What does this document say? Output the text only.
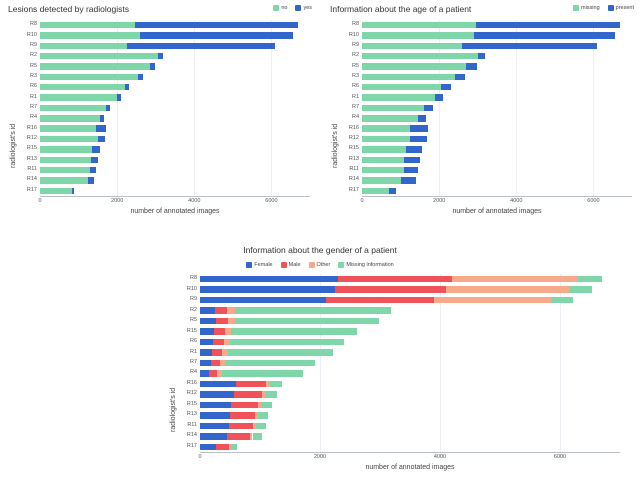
Lesions detected by radiologists	no	yes
radiologist's id
R8
R10
R9
R2
R5
R3
R6
R1
R7
R4
R16
R12
R15
R13
R11
R14
R17
0	2000	4000	6000
number of annotated images
Information about the age of a patient	missing	present
radiologist's id
R8
R10
R9
R2
R5
R3
R6
R1
R7
R4
R16
R12
R15
R13
R11
R14
R17
0	2000	4000	6000
number of annotated images
Information about the gender of a patient
Female	Male	Other	Missing information
radiologist's id
R8
R10
R9
R2
R5
R15
R6
R1
R7
R4
R16
R12
R15
R13
R11
R14
R17
0	2000	4000	6000
number of annotated images
